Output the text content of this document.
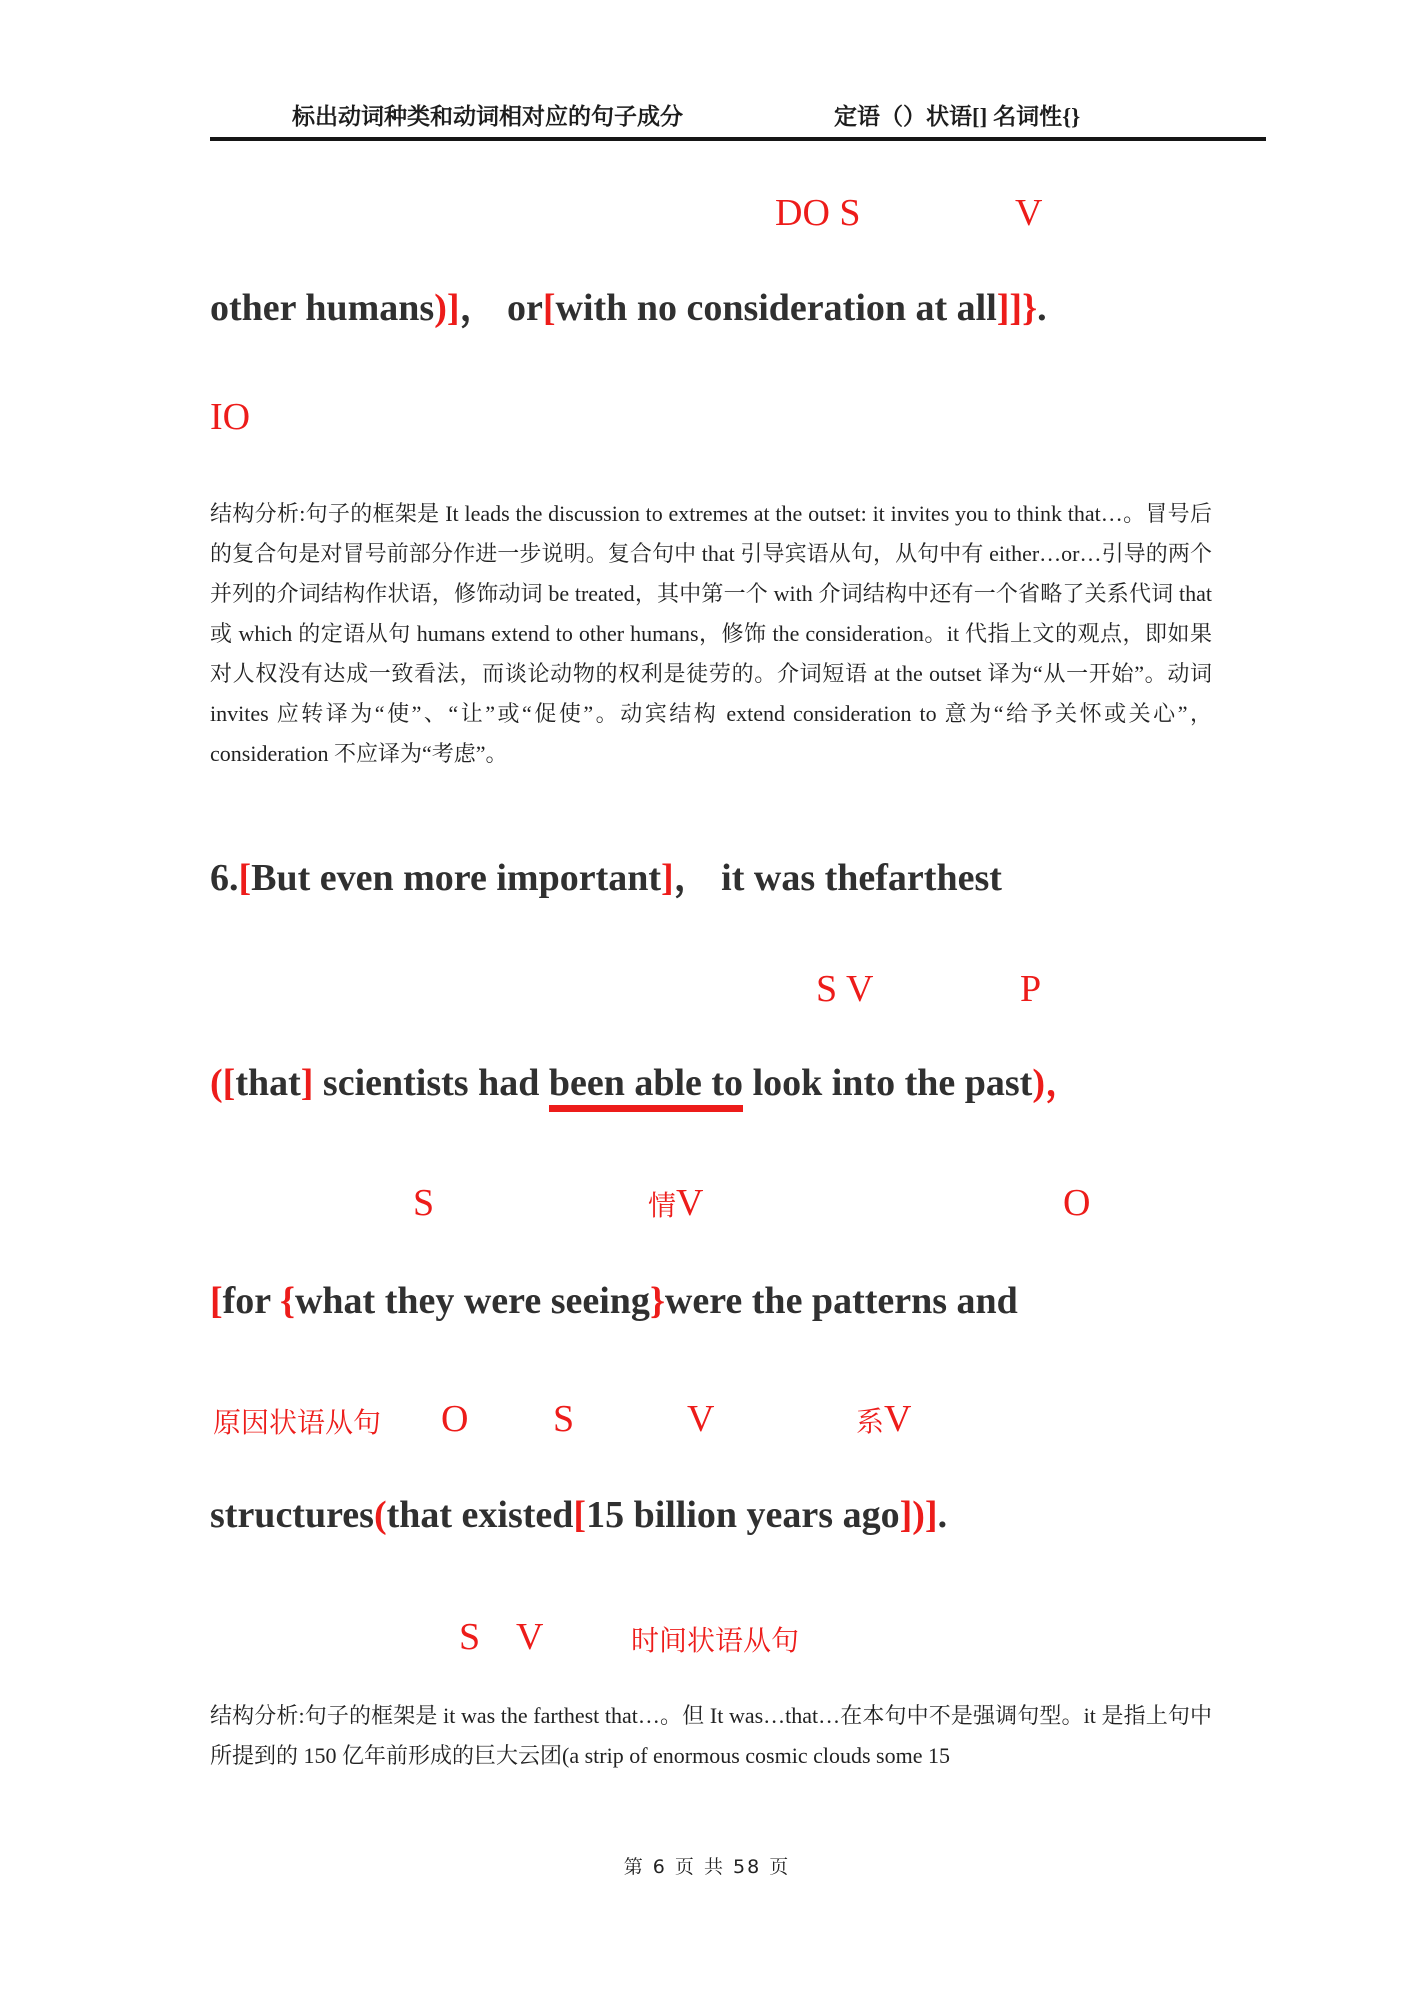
标出动词种类和动词相对应的句子成分	定语（）状语[] 名词性{}
DO S	V
other humans)]， or[with no consideration at all]]}.
IO
结构分析:句子的框架是 It leads the discussion to extremes at the outset: it invites you to think that…。冒号后的复合句是对冒号前部分作进一步说明。复合句中 that 引导宾语从句，从句中有 either…or…引导的两个并列的介词结构作状语，修饰动词 be treated，其中第一个 with 介词结构中还有一个省略了关系代词 that 或 which 的定语从句 humans extend to other humans，修饰 the consideration。it 代指上文的观点，即如果对人权没有达成一致看法，而谈论动物的权利是徒劳的。介词短语 at the outset 译为“从一开始”。动词 invites 应转译为“使”、“让”或“促使”。动宾结构 extend consideration to 意为“给予关怀或关心”，consideration 不应译为“考虑”。
6.[But even more important]， it was thefarthest
S V	P
([that] scientists had been able to look into the past)，
S	情 V	O
[for {what they were seeing}were the patterns and
原因状语从句 O S	V	系 V
structures(that existed[15 billion years ago])].
S V	时间状语从句
结构分析:句子的框架是 it was the farthest that…。但 It was…that…在本句中不是强调句型。it 是指上句中所提到的 150 亿年前形成的巨大云团(a strip of enormous cosmic clouds some 15
第 6 页 共 58 页
